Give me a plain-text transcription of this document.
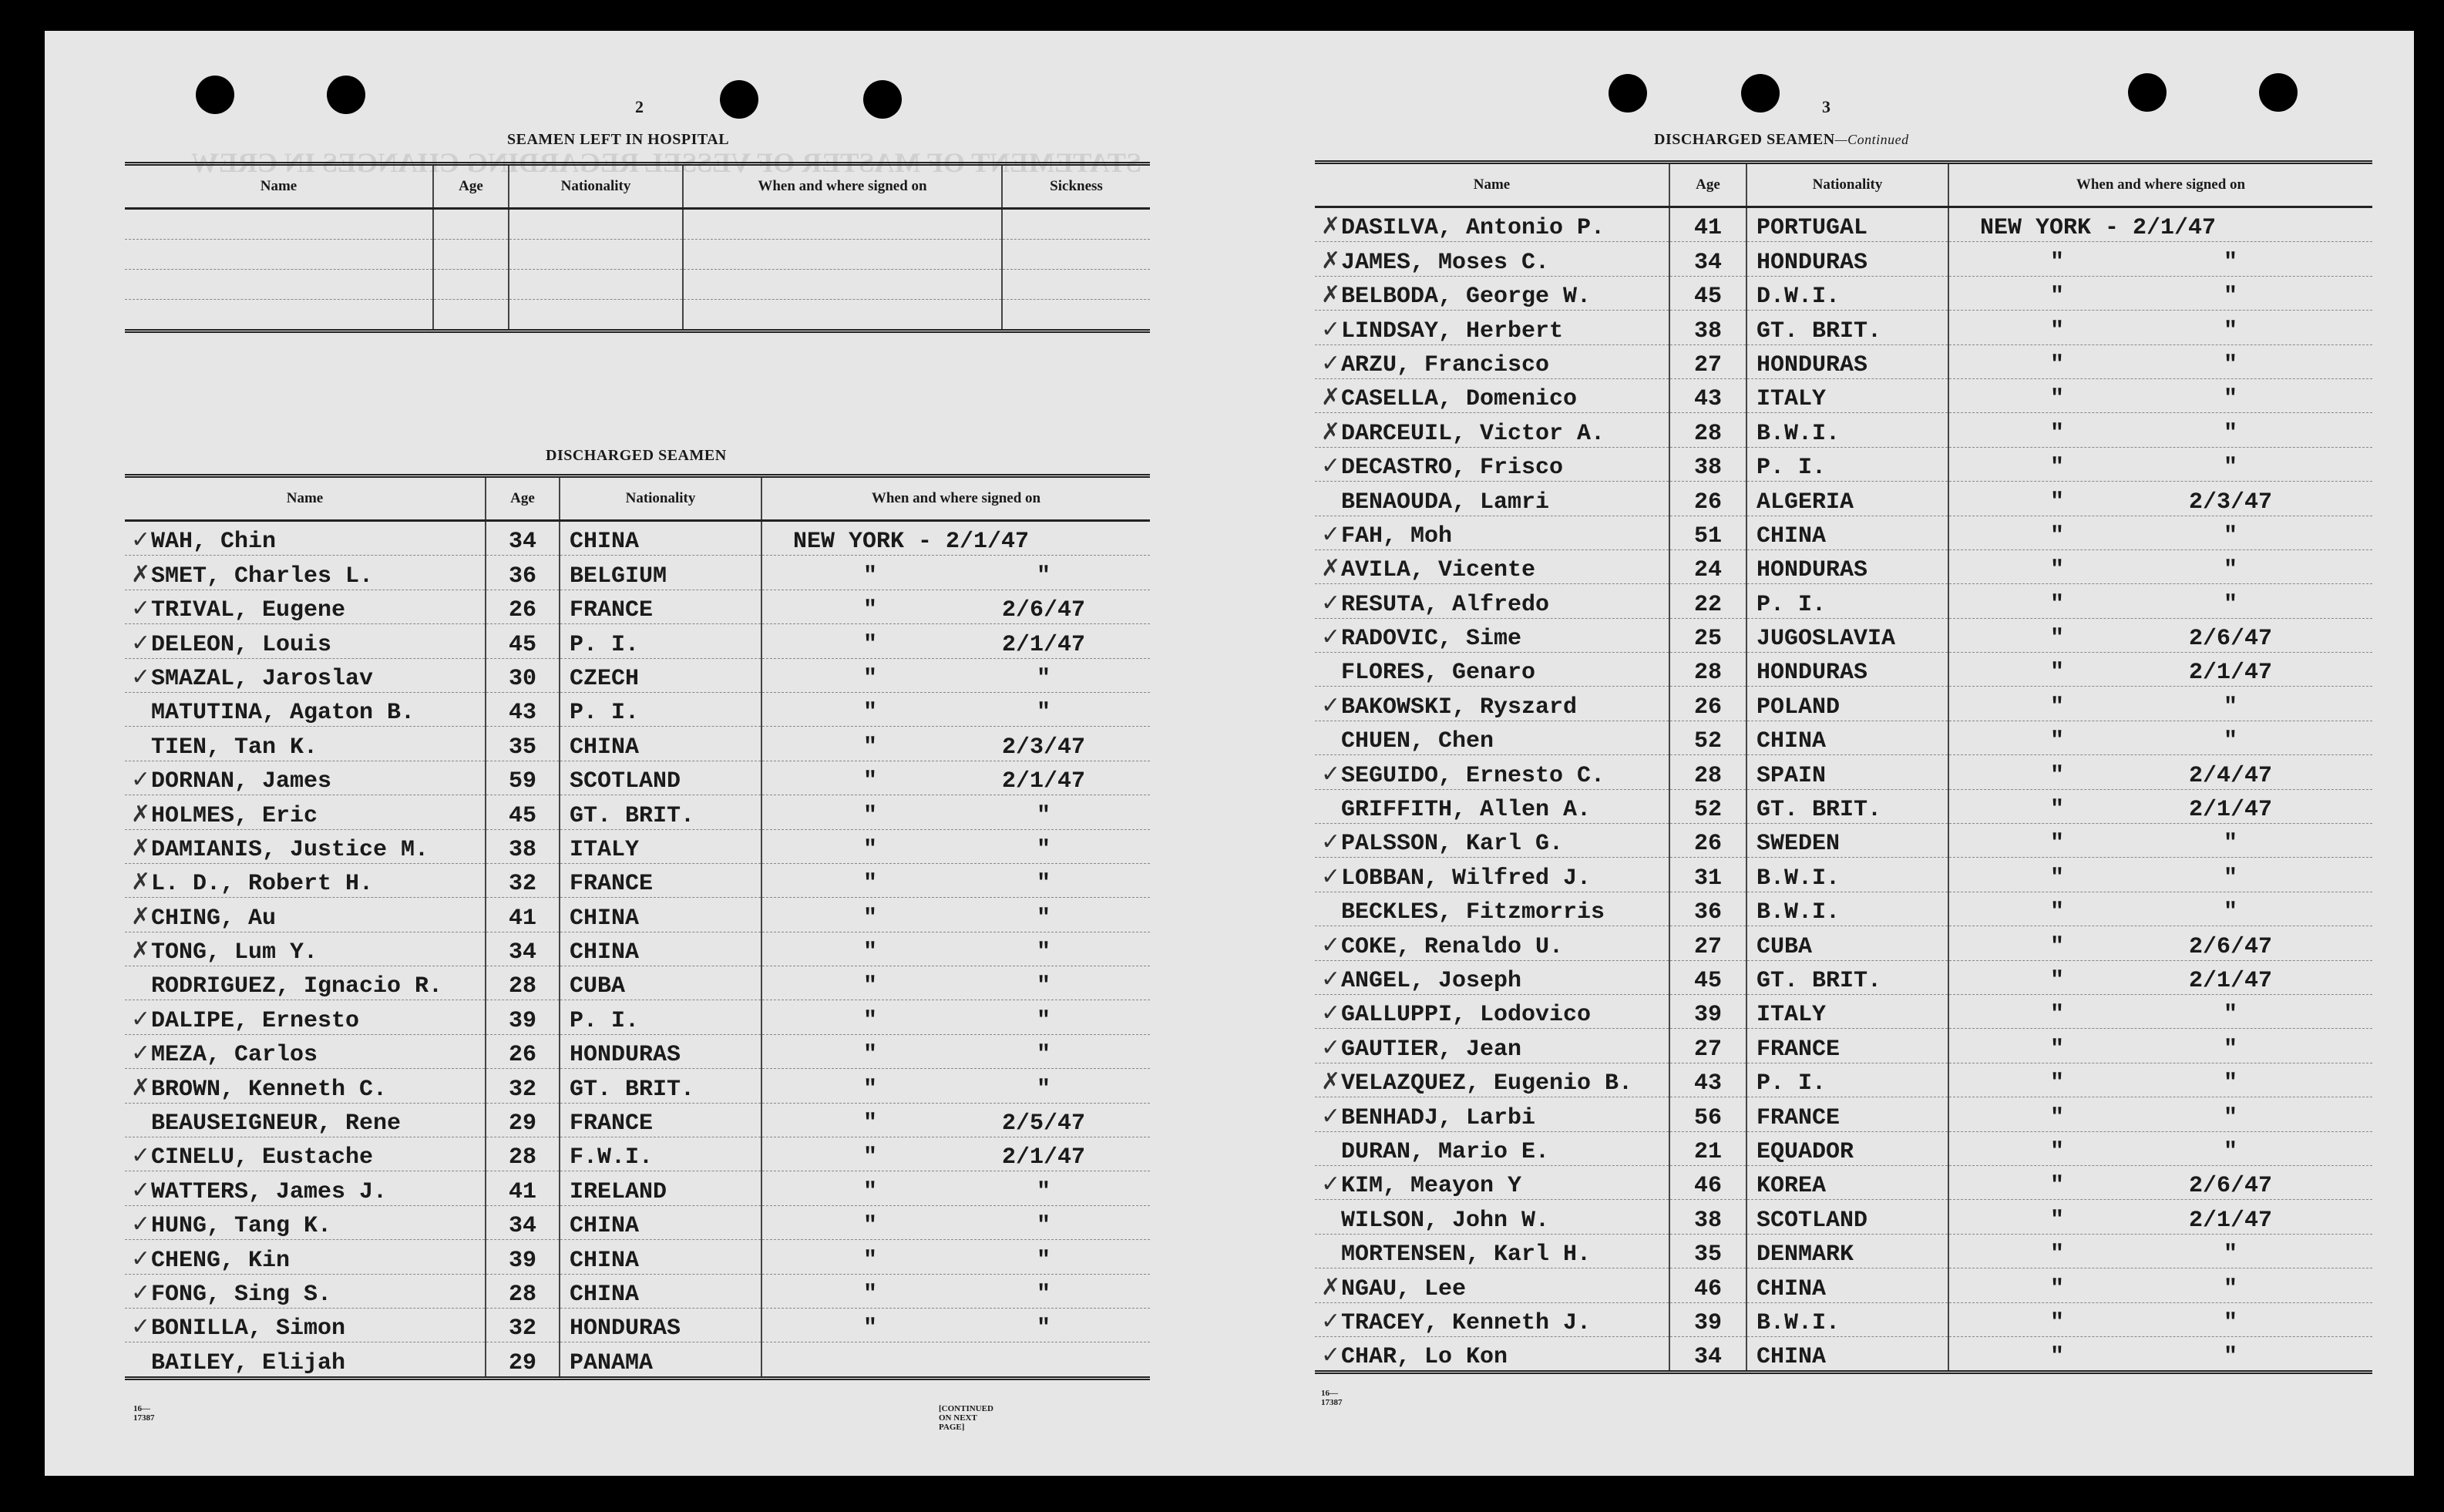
STATEMENT OF MASTER OF VESSEL REGARDING CHANGES IN CREW
2
SEAMEN LEFT IN HOSPITAL
Name	Age	Nationality	When and where signed on	Sickness

DISCHARGED SEAMEN
Name	Age	Nationality	When and where signed on
✓WAH, Chin	34	CHINA	NEW YORK - 2/1/47
✗SMET, Charles L.	36	BELGIUM	" "
✓TRIVAL, Eugene	26	FRANCE	" 2/6/47
✓DELEON, Louis	45	P. I.	" 2/1/47
✓SMAZAL, Jaroslav	30	CZECH	" "
MATUTINA, Agaton B.	43	P. I.	" "
TIEN, Tan K.	35	CHINA	" 2/3/47
✓DORNAN, James	59	SCOTLAND	" 2/1/47
✗HOLMES, Eric	45	GT. BRIT.	" "
✗DAMIANIS, Justice M.	38	ITALY	" "
✗L. D., Robert H.	32	FRANCE	" "
✗CHING, Au	41	CHINA	" "
✗TONG, Lum Y.	34	CHINA	" "
RODRIGUEZ, Ignacio R.	28	CUBA	" "
✓DALIPE, Ernesto	39	P. I.	" "
✓MEZA, Carlos	26	HONDURAS	" "
✗BROWN, Kenneth C.	32	GT. BRIT.	" "
BEAUSEIGNEUR, Rene	29	FRANCE	" 2/5/47
✓CINELU, Eustache	28	F.W.I.	" 2/1/47
✓WATTERS, James J.	41	IRELAND	" "
✓HUNG, Tang K.	34	CHINA	" "
✓CHENG, Kin	39	CHINA	" "
✓FONG, Sing S.	28	CHINA	" "
✓BONILLA, Simon	32	HONDURAS	" "
BAILEY, Elijah	29	PANAMA	
16—17387
[CONTINUED ON NEXT PAGE]
3
DISCHARGED SEAMEN—Continued
Name	Age	Nationality	When and where signed on
✗DASILVA, Antonio P.	41	PORTUGAL	NEW YORK - 2/1/47
✗JAMES, Moses C.	34	HONDURAS	" "
✗BELBODA, George W.	45	D.W.I.	" "
✓LINDSAY, Herbert	38	GT. BRIT.	" "
✓ARZU, Francisco	27	HONDURAS	" "
✗CASELLA, Domenico	43	ITALY	" "
✗DARCEUIL, Victor A.	28	B.W.I.	" "
✓DECASTRO, Frisco	38	P. I.	" "
BENAOUDA, Lamri	26	ALGERIA	" 2/3/47
✓FAH, Moh	51	CHINA	" "
✗AVILA, Vicente	24	HONDURAS	" "
✓RESUTA, Alfredo	22	P. I.	" "
✓RADOVIC, Sime	25	JUGOSLAVIA	" 2/6/47
FLORES, Genaro	28	HONDURAS	" 2/1/47
✓BAKOWSKI, Ryszard	26	POLAND	" "
CHUEN, Chen	52	CHINA	" "
✓SEGUIDO, Ernesto C.	28	SPAIN	" 2/4/47
GRIFFITH, Allen A.	52	GT. BRIT.	" 2/1/47
✓PALSSON, Karl G.	26	SWEDEN	" "
✓LOBBAN, Wilfred J.	31	B.W.I.	" "
BECKLES, Fitzmorris	36	B.W.I.	" "
✓COKE, Renaldo U.	27	CUBA	" 2/6/47
✓ANGEL, Joseph	45	GT. BRIT.	" 2/1/47
✓GALLUPPI, Lodovico	39	ITALY	" "
✓GAUTIER, Jean	27	FRANCE	" "
✗VELAZQUEZ, Eugenio B.	43	P. I.	" "
✓BENHADJ, Larbi	56	FRANCE	" "
DURAN, Mario E.	21	EQUADOR	" "
✓KIM, Meayon Y	46	KOREA	" 2/6/47
WILSON, John W.	38	SCOTLAND	" 2/1/47
MORTENSEN, Karl H.	35	DENMARK	" "
✗NGAU, Lee	46	CHINA	" "
✓TRACEY, Kenneth J.	39	B.W.I.	" "
✓CHAR, Lo Kon	34	CHINA	" "
16—17387
